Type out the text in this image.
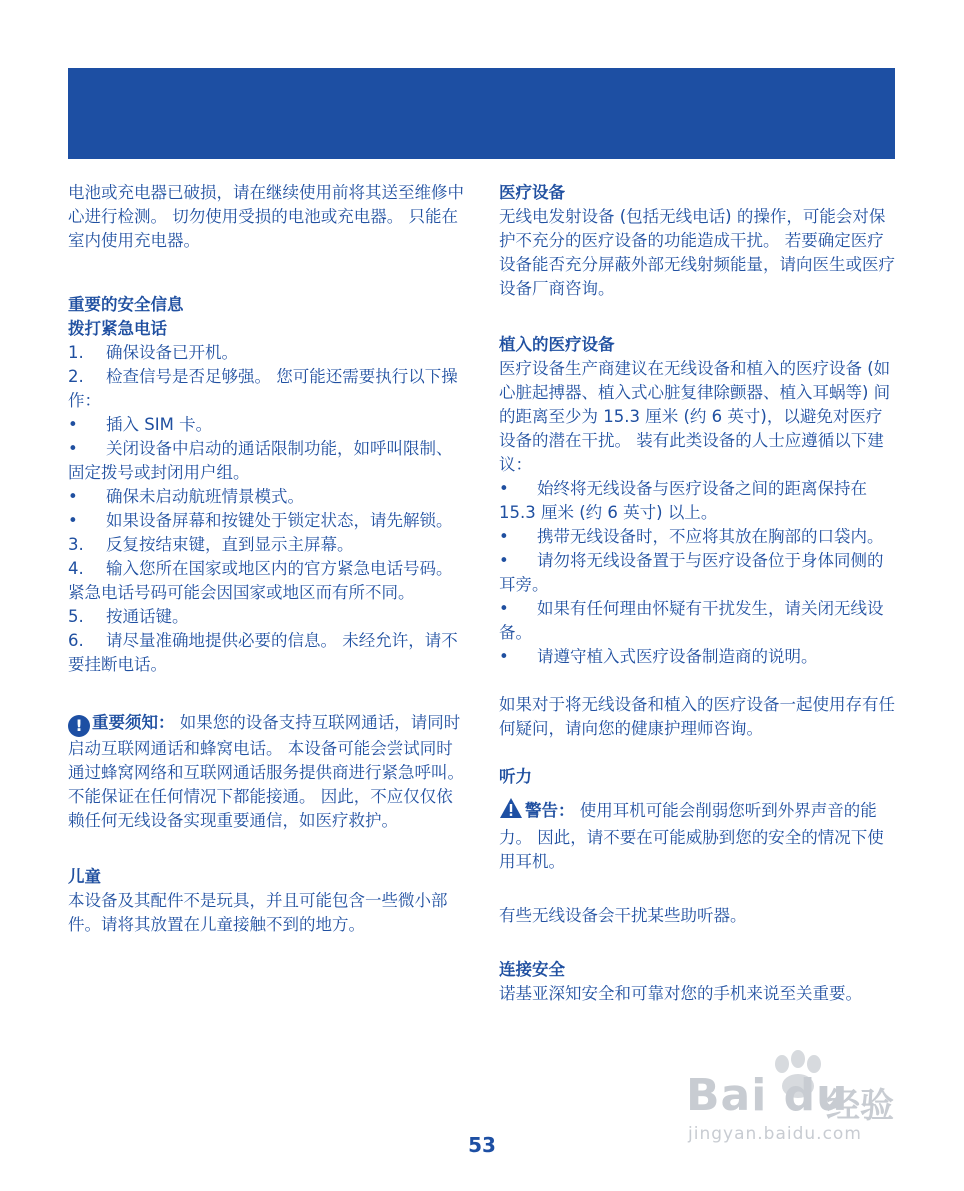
电池或充电器已破损，请在继续使用前将其送至维修中心进行检测。 切勿使用受损的电池或充电器。 只能在室内使用充电器。

重要的安全信息

拨打紧急电话

1. 确保设备已开机。

2. 检查信号是否足够强。 您可能还需要执行以下操作：

• 插入 SIM 卡。

• 关闭设备中启动的通话限制功能，如呼叫限制、固定拨号或封闭用户组。

• 确保未启动航班情景模式。

• 如果设备屏幕和按键处于锁定状态，请先解锁。

3. 反复按结束键，直到显示主屏幕。

4. 输入您所在国家或地区内的官方紧急电话号码。 紧急电话号码可能会因国家或地区而有所不同。

5. 按通话键。

6. 请尽量准确地提供必要的信息。 未经允许，请不要挂断电话。

! 重要须知： 如果您的设备支持互联网通话，请同时启动互联网通话和蜂窝电话。 本设备可能会尝试同时通过蜂窝网络和互联网通话服务提供商进行紧急呼叫。 不能保证在任何情况下都能接通。 因此，不应仅仅依赖任何无线设备实现重要通信，如医疗救护。

儿童

本设备及其配件不是玩具，并且可能包含一些微小部件。请将其放置在儿童接触不到的地方。

医疗设备

无线电发射设备 (包括无线电话) 的操作，可能会对保护不充分的医疗设备的功能造成干扰。 若要确定医疗设备能否充分屏蔽外部无线射频能量，请向医生或医疗设备厂商咨询。

植入的医疗设备

医疗设备生产商建议在无线设备和植入的医疗设备 (如心脏起搏器、植入式心脏复律除颤器、植入耳蜗等) 间的距离至少为 15.3 厘米 (约 6 英寸)，以避免对医疗设备的潜在干扰。 装有此类设备的人士应遵循以下建议：

• 始终将无线设备与医疗设备之间的距离保持在 15.3 厘米 (约 6 英寸) 以上。

• 携带无线设备时，不应将其放在胸部的口袋内。

• 请勿将无线设备置于与医疗设备位于身体同侧的耳旁。

• 如果有任何理由怀疑有干扰发生，请关闭无线设备。

• 请遵守植入式医疗设备制造商的说明。

如果对于将无线设备和植入的医疗设备一起使用存有任何疑问，请向您的健康护理师咨询。

听力

警告： 使用耳机可能会削弱您听到外界声音的能力。 因此，请不要在可能威胁到您的安全的情况下使用耳机。

有些无线设备会干扰某些助听器。

连接安全

诺基亚深知安全和可靠对您的手机来说至关重要。

Bai du
经验
jingyan.baidu.com
53
